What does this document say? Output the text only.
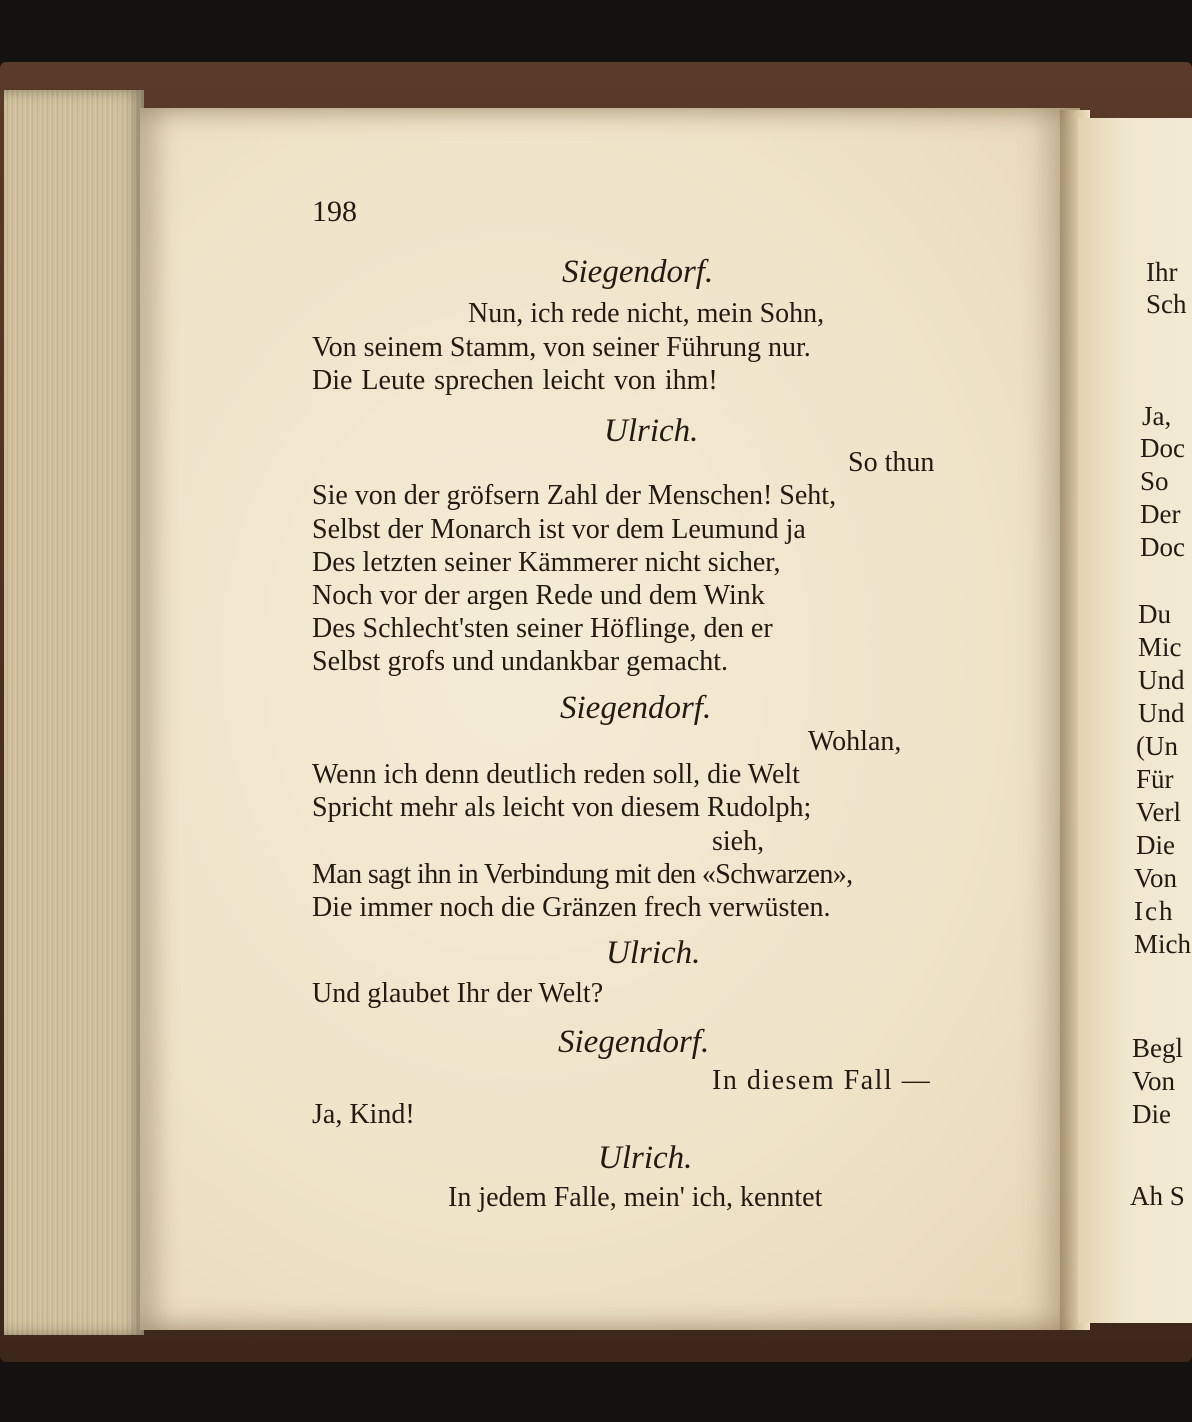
198
Siegendorf.
Nun, ich rede nicht, mein Sohn,
Von seinem Stamm, von seiner Führung nur.
Die Leute sprechen leicht von ihm!
Ulrich.
So thun
Sie von der gröfsern Zahl der Menschen! Seht,
Selbst der Monarch ist vor dem Leumund ja
Des letzten seiner Kämmerer nicht sicher,
Noch vor der argen Rede und dem Wink
Des Schlecht'sten seiner Höflinge, den er
Selbst grofs und undankbar gemacht.
Siegendorf.
Wohlan,
Wenn ich denn deutlich reden soll, die Welt
Spricht mehr als leicht von diesem Rudolph;
sieh,
Man sagt ihn in Verbindung mit den «Schwarzen»,
Die immer noch die Gränzen frech verwüsten.
Ulrich.
Und glaubet Ihr der Welt?
Siegendorf.
In diesem Fall —
Ja, Kind!
Ulrich.
In jedem Falle, mein' ich, kenntet
Ihr
Sch
Ja,
Doc
So
Der
Doc
Du
Mic
Und
Und
(Un
Für
Verl
Die
Von
Ich
Mich
Begl
Von
Die
Ah S
